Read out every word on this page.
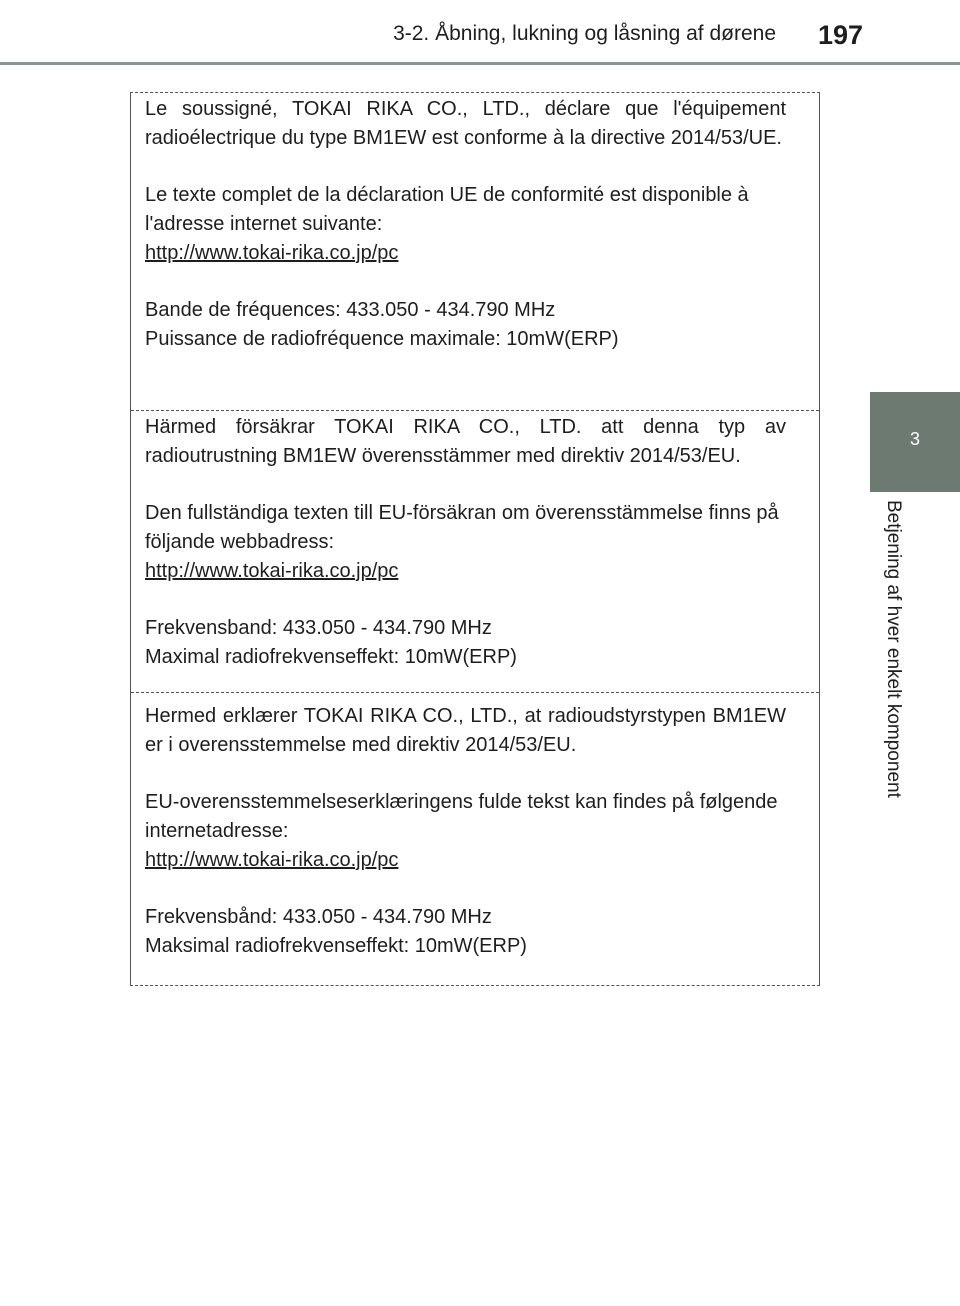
3-2. Åbning, lukning og låsning af dørene 197
3
Betjening af hver enkelt komponent

Le soussigné, TOKAI RIKA CO., LTD., déclare que l'équipement radioélectrique du type BM1EW est conforme à la directive 2014/53/UE.

Le texte complet de la déclaration UE de conformité est disponible à l'adresse internet suivante:

http://www.tokai-rika.co.jp/pc

Bande de fréquences: 433.050 - 434.790 MHz

Puissance de radiofréquence maximale: 10mW(ERP)

Härmed försäkrar TOKAI RIKA CO., LTD. att denna typ av radioutrustning BM1EW överensstämmer med direktiv 2014/53/EU.

Den fullständiga texten till EU-försäkran om överensstämmelse finns på följande webbadress:

http://www.tokai-rika.co.jp/pc

Frekvensband: 433.050 - 434.790 MHz

Maximal radiofrekvenseffekt: 10mW(ERP)

Hermed erklærer TOKAI RIKA CO., LTD., at radioudstyrstypen BM1EW er i overensstemmelse med direktiv 2014/53/EU.

EU-overensstemmelseserklæringens fulde tekst kan findes på følgende internetadresse:

http://www.tokai-rika.co.jp/pc

Frekvensbånd: 433.050 - 434.790 MHz

Maksimal radiofrekvenseffekt: 10mW(ERP)
